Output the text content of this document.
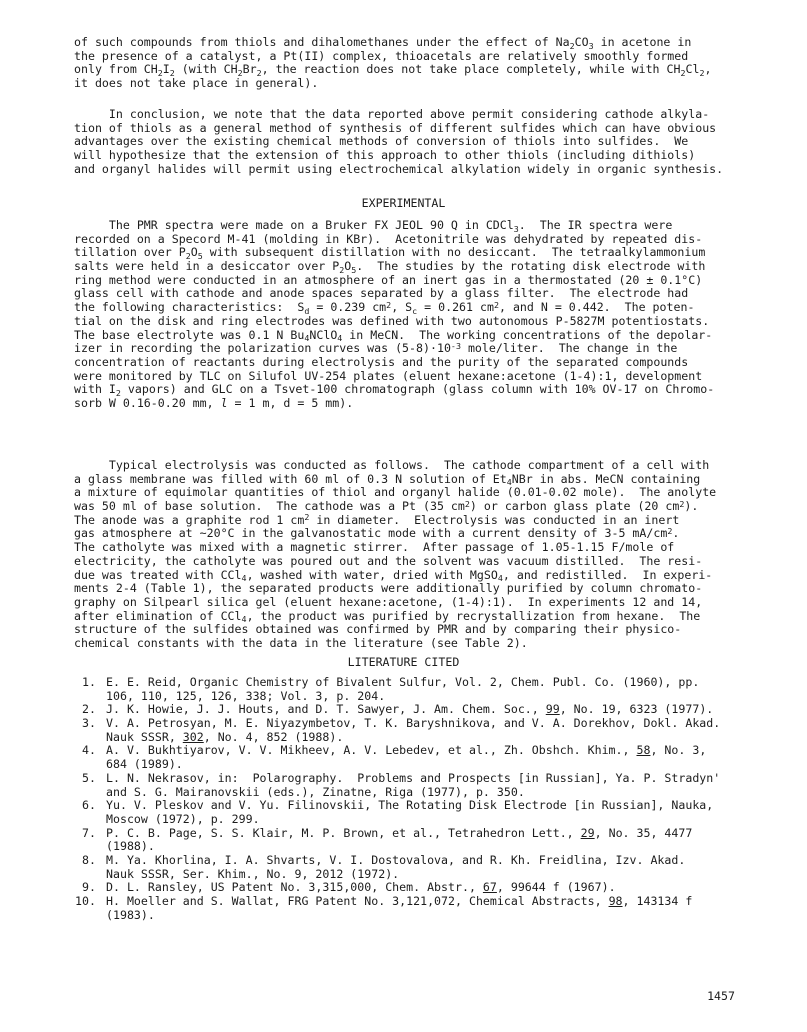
of such compounds from thiols and dihalomethanes under the effect of $Na_2CO_3$ in acetone in
the presence of a catalyst, a Pt(II) complex, thioacetals are relatively smoothly formed
only from $CH_2I_2$ (with $CH_2Br_2$, the reaction does not take place completely, while with $CH_2Cl_2$,
it does not take place in general).
In conclusion, we note that the data reported above permit considering cathode alkyla-
tion of thiols as a general method of synthesis of different sulfides which can have obvious
advantages over the existing chemical methods of conversion of thiols into sulfides.  We
will hypothesize that the extension of this approach to other thiols (including dithiols)
and organyl halides will permit using electrochemical alkylation widely in organic synthesis.
EXPERIMENTAL
The PMR spectra were made on a Bruker FX JEOL 90 Q in CDCl$_3$.  The IR spectra were
recorded on a Specord M-41 (molding in KBr).  Acetonitrile was dehydrated by repeated dis-
tillation over $P_2O_5$ with subsequent distillation with no desiccant.  The tetraalkylammonium
salts were held in a desiccator over $P_2O_5$.  The studies by the rotating disk electrode with
ring method were conducted in an atmosphere of an inert gas in a thermostated (20 ± 0.1°C)
glass cell with cathode and anode spaces separated by a glass filter.  The electrode had
the following characteristics:  $S_d = 0.239$ $cm^2$, $S_c = 0.261$ $cm^2$, and N = 0.442.  The poten-
tial on the disk and ring electrodes was defined with two autonomous P-5827M potentiostats.
The base electrolyte was 0.1 N $Bu_4NClO_4$ in MeCN.  The working concentrations of the depolar-
izer in recording the polarization curves was $(5-8)\cdot 10^{-3}$ mole/liter.  The change in the
concentration of reactants during electrolysis and the purity of the separated compounds
were monitored by TLC on Silufol UV-254 plates (eluent hexane:acetone (1-4):1, development
with $I_2$ vapors) and GLC on a Tsvet-100 chromatograph (glass column with 10% OV-17 on Chromo-
sorb W 0.16-0.20 mm, l = 1 m, d = 5 mm).
Typical electrolysis was conducted as follows.  The cathode compartment of a cell with
a glass membrane was filled with 60 ml of 0.3 N solution of $Et_4NBr$ in abs. MeCN containing
a mixture of equimolar quantities of thiol and organyl halide (0.01-0.02 mole).  The anolyte
was 50 ml of base solution.  The cathode was a Pt (35 $cm^2$) or carbon glass plate (20 $cm^2$).
The anode was a graphite rod 1 $cm^2$ in diameter.  Electrolysis was conducted in an inert
gas atmosphere at ~20°C in the galvanostatic mode with a current density of 3-5 $mA/cm^2$.
The catholyte was mixed with a magnetic stirrer.  After passage of 1.05-1.15 F/mole of
electricity, the catholyte was poured out and the solvent was vacuum distilled.  The resi-
due was treated with CCl$_4$, washed with water, dried with MgSO$_4$, and redistilled.  In experi-
ments 2-4 (Table 1), the separated products were additionally purified by column chromato-
graphy on Silpearl silica gel (eluent hexane:acetone, (1-4):1).  In experiments 12 and 14,
after elimination of CCl$_4$, the product was purified by recrystallization from hexane.  The
structure of the sulfides obtained was confirmed by PMR and by comparing their physico-
chemical constants with the data in the literature (see Table 2).
LITERATURE CITED
1. E. E. Reid, Organic Chemistry of Bivalent Sulfur, Vol. 2, Chem. Publ. Co. (1960), pp.
106, 110, 125, 126, 338; Vol. 3, p. 204.
2. J. K. Howie, J. J. Houts, and D. T. Sawyer, J. Am. Chem. Soc., 99, No. 19, 6323 (1977).
3. V. A. Petrosyan, M. E. Niyazymbetov, T. K. Baryshnikova, and V. A. Dorekhov, Dokl. Akad.
Nauk SSSR, 302, No. 4, 852 (1988).
4. A. V. Bukhtiyarov, V. V. Mikheev, A. V. Lebedev, et al., Zh. Obshch. Khim., 58, No. 3,
684 (1989).
5. L. N. Nekrasov, in:  Polarography.  Problems and Prospects [in Russian], Ya. P. Stradyn'
and S. G. Mairanovskii (eds.), Zinatne, Riga (1977), p. 350.
6. Yu. V. Pleskov and V. Yu. Filinovskii, The Rotating Disk Electrode [in Russian], Nauka,
Moscow (1972), p. 299.
7. P. C. B. Page, S. S. Klair, M. P. Brown, et al., Tetrahedron Lett., 29, No. 35, 4477
(1988).
8. M. Ya. Khorlina, I. A. Shvarts, V. I. Dostovalova, and R. Kh. Freidlina, Izv. Akad.
Nauk SSSR, Ser. Khim., No. 9, 2012 (1972).
9. D. L. Ransley, US Patent No. 3,315,000, Chem. Abstr., 67, 99644 f (1967).
10. H. Moeller and S. Wallat, FRG Patent No. 3,121,072, Chemical Abstracts, 98, 143134 f
(1983).
1457
